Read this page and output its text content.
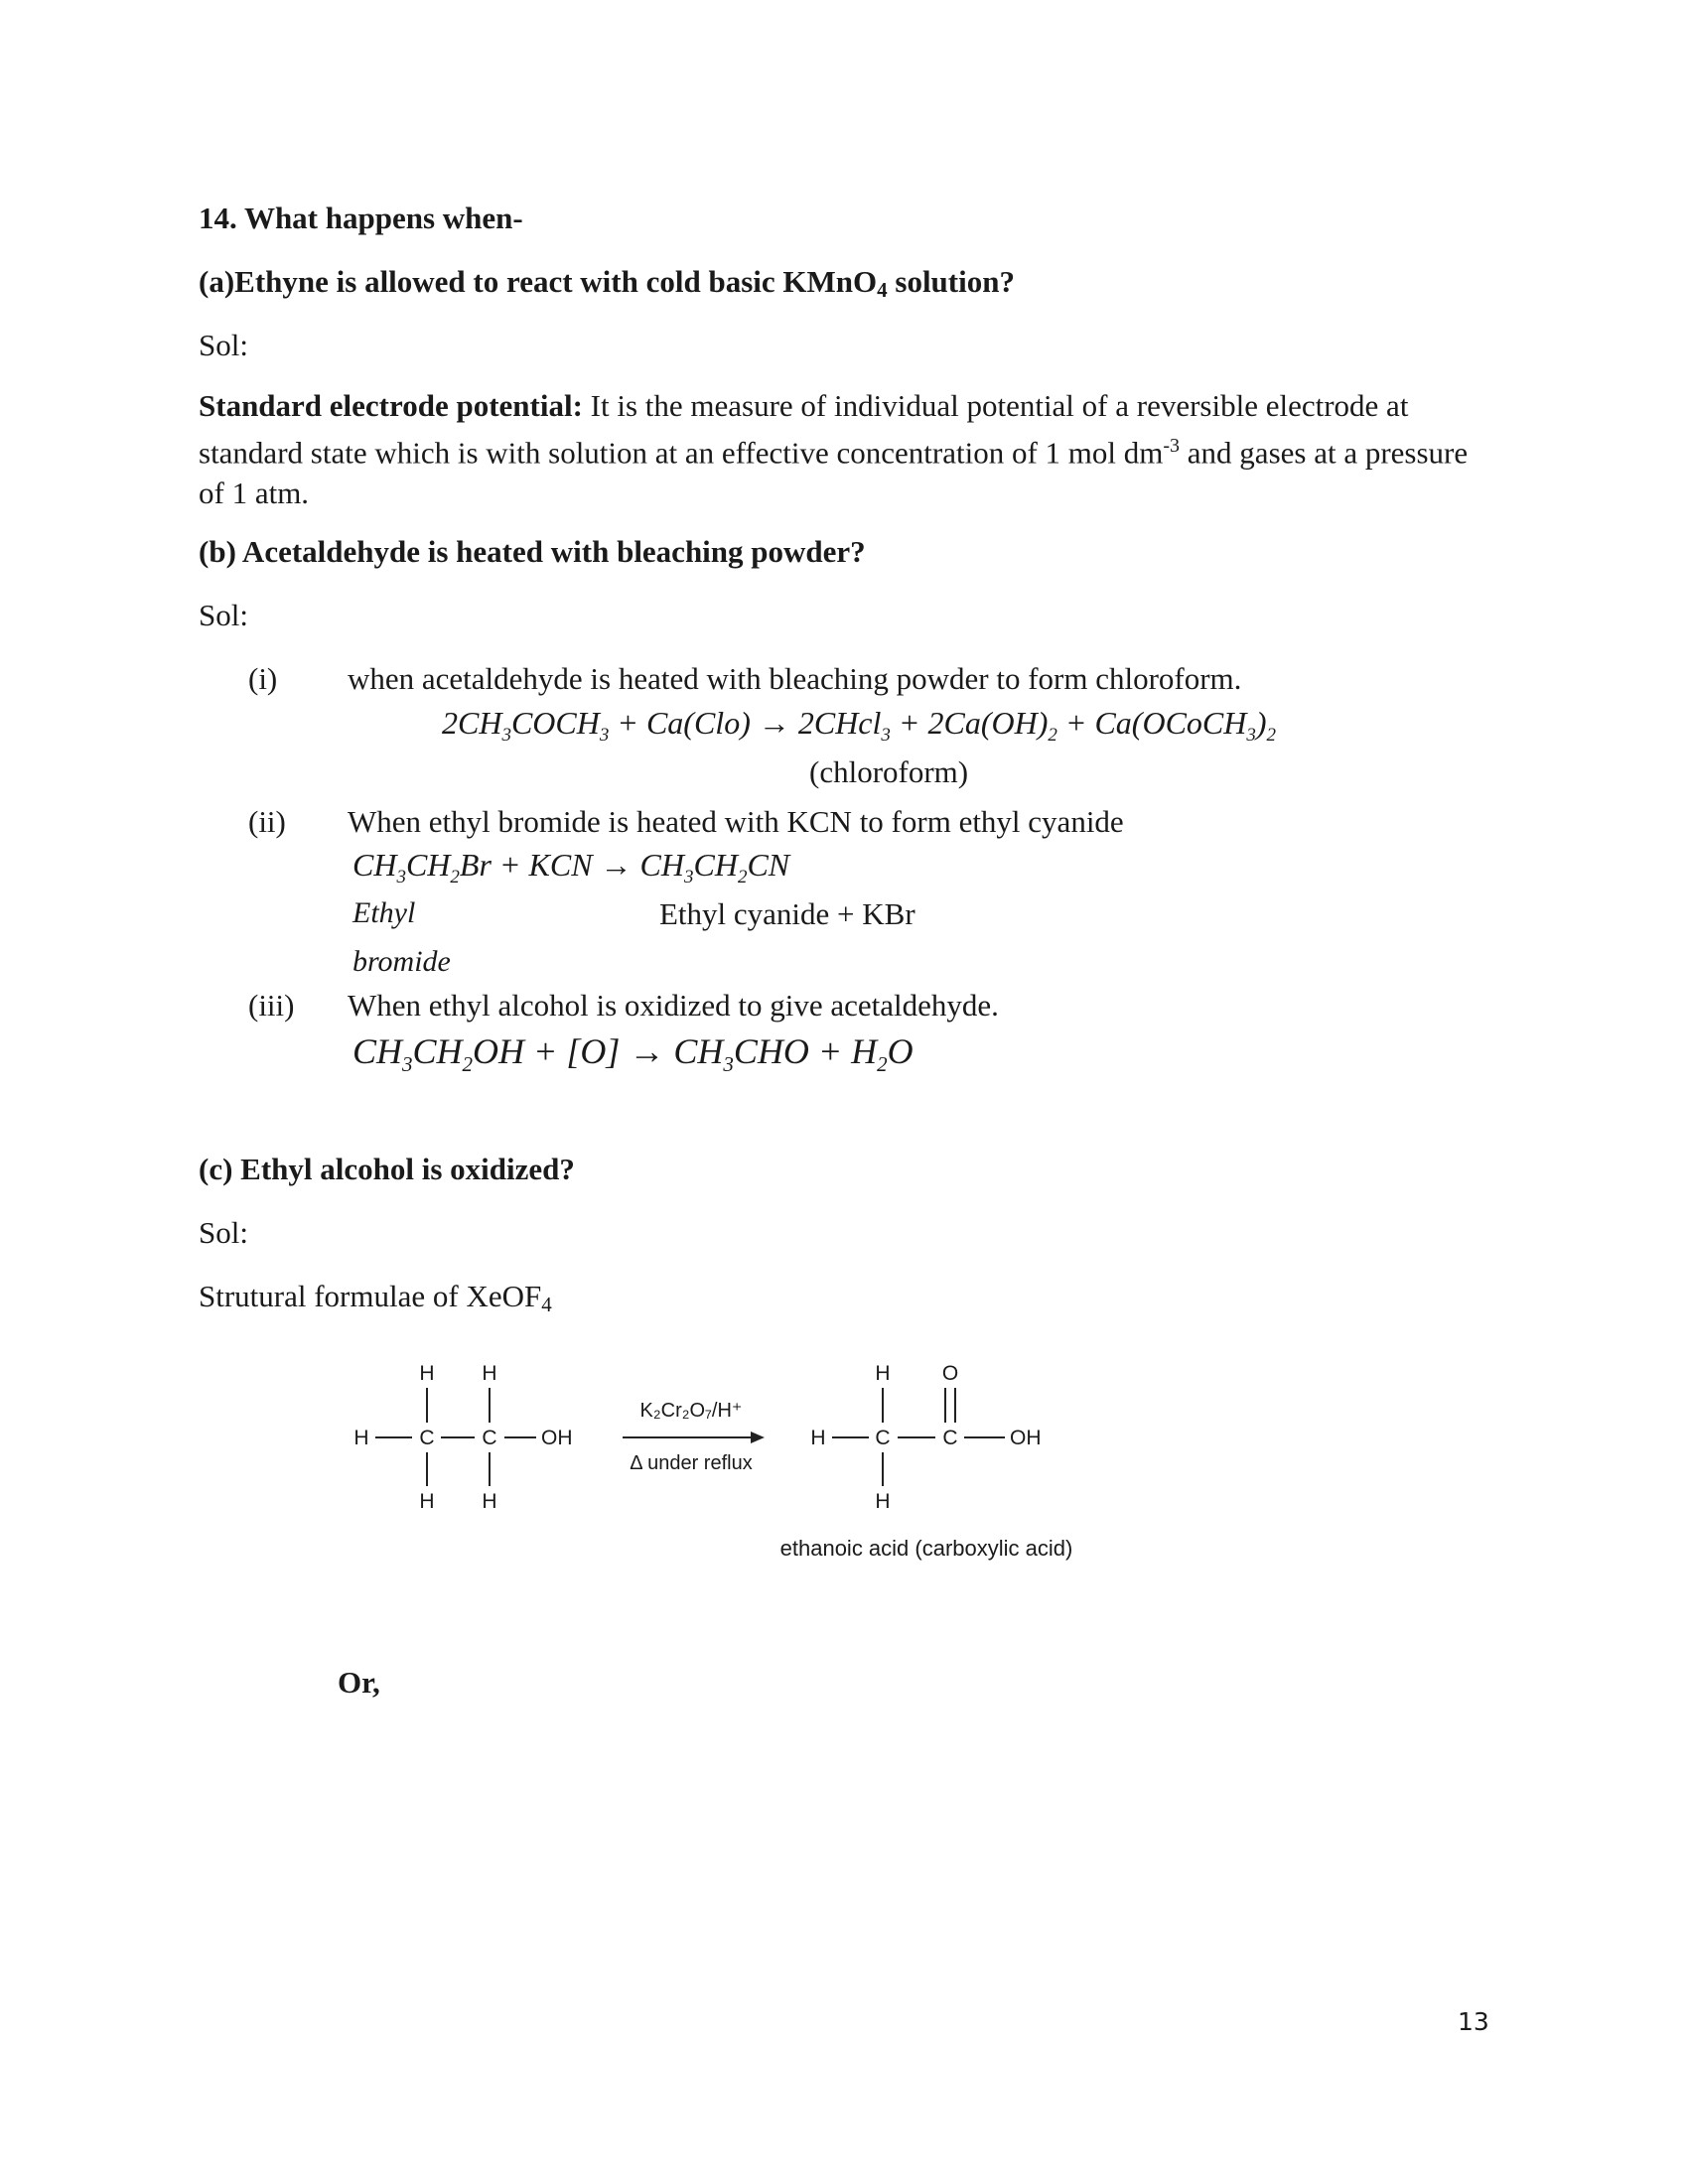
14. What happens when-
(a)Ethyne is allowed to react with cold basic KMnO4 solution?
Sol:
Standard electrode potential: It is the measure of individual potential of a reversible electrode at standard state which is with solution at an effective concentration of 1 mol $dm^{-3}$ and gases at a pressure of 1 atm.
(b) Acetaldehyde is heated with bleaching powder?
Sol:
(i) when acetaldehyde is heated with bleaching powder to form chloroform.
$2CH_3COCH_3 + Ca(Clo)$ → 2CHcl$_3$ + $2Ca(OH)_2$ + $Ca(OCoCH_3)_2$
(chloroform)
(ii) When ethyl bromide is heated with KCN to form ethyl cyanide
$CH_3CH_2Br$ + KCN → $CH_3CH_2CN$
Ethyl	Ethyl cyanide + KBr
bromide
(iii) When ethyl alcohol is oxidized to give acetaldehyde.
$CH_3CH_2OH + [O] \to CH_3CHO + H_2O$
(c) Ethyl alcohol is oxidized?
Sol:
Strutural formulae of XeOF4
H H
H C C OH
H H
K₂Cr₂O₇/H⁺
Δ under reflux
H O
H C	C OH
H
ethanoic acid (carboxylic acid)
Or,
13
